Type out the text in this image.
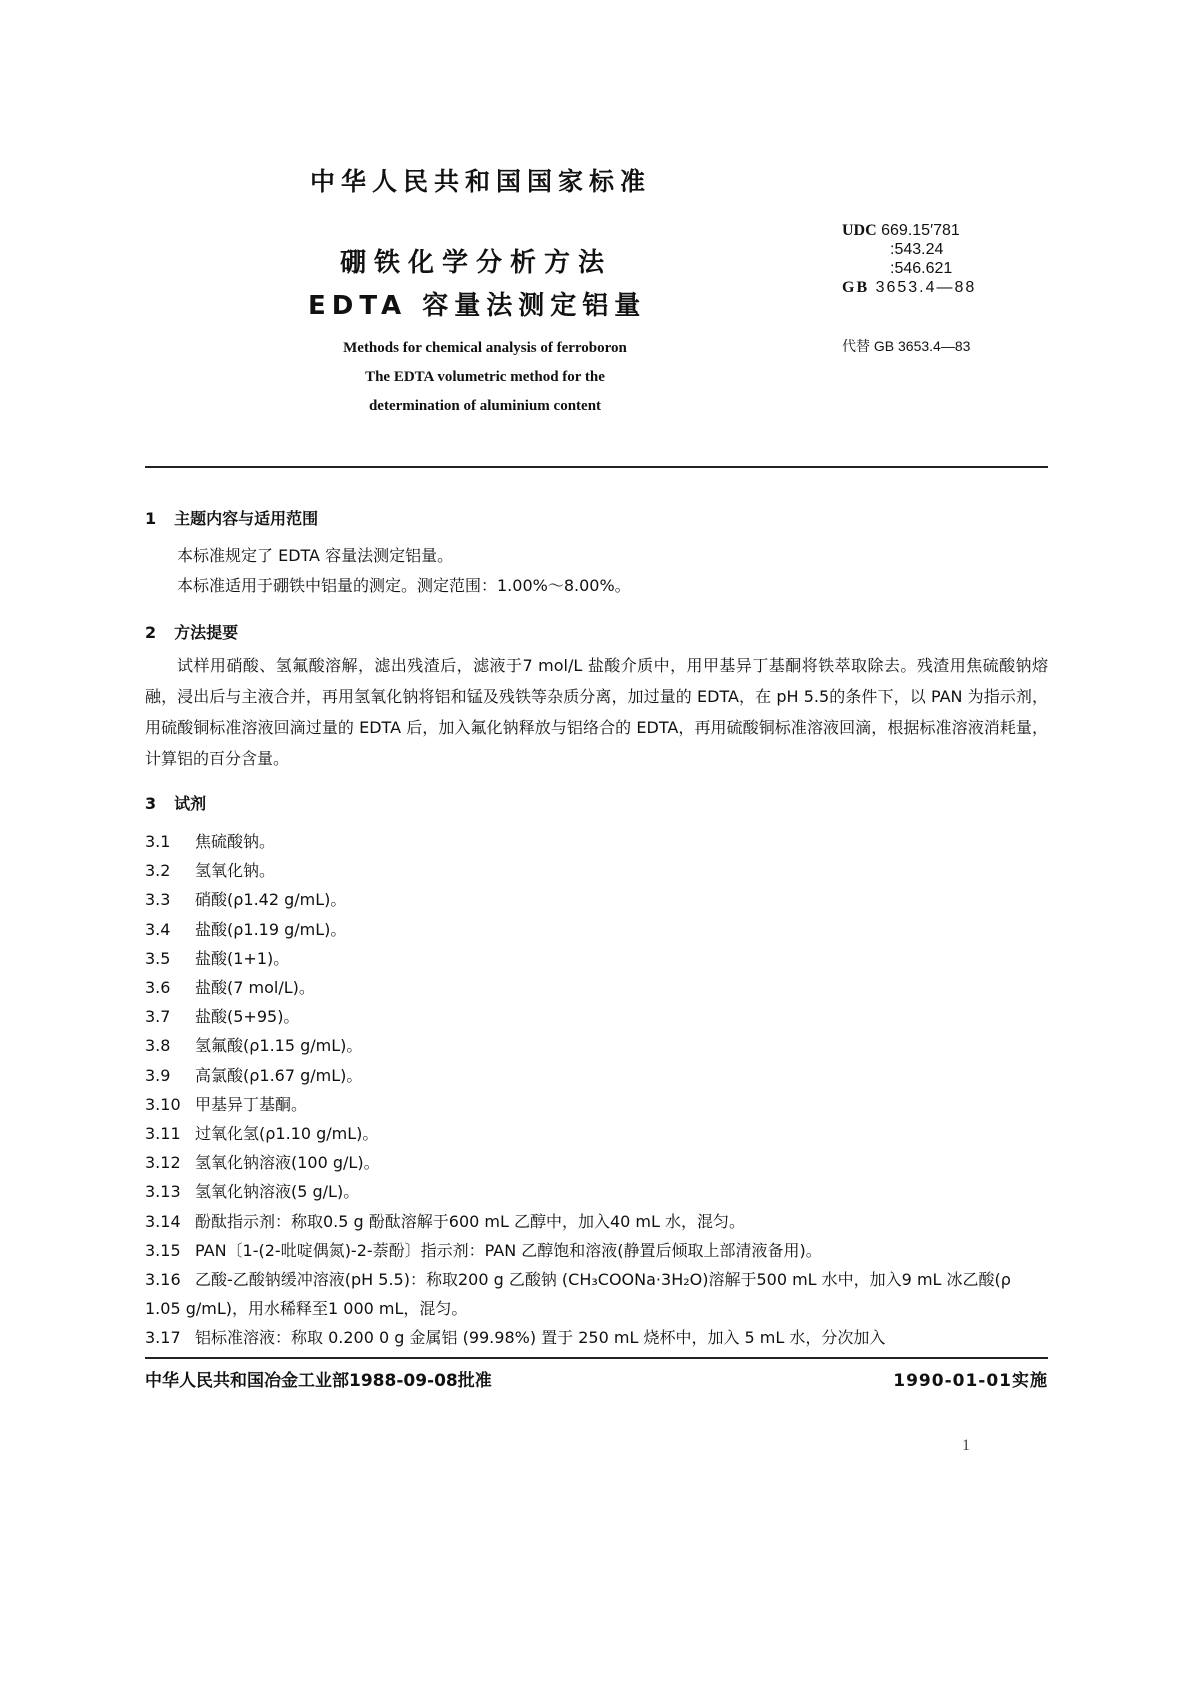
中华人民共和国国家标准
硼铁化学分析方法
EDTA 容量法测定铝量
Methods for chemical analysis of ferroboron
The EDTA volumetric method for the
determination of aluminium content
UDC 669.15′781
:543.24
:546.621
GB 3653.4—88
代替 GB 3653.4—83
1 主题内容与适用范围
本标准规定了 EDTA 容量法测定铝量。
本标准适用于硼铁中铝量的测定。测定范围：1.00%～8.00%。
2 方法提要
试样用硝酸、氢氟酸溶解，滤出残渣后，滤液于7 mol/L 盐酸介质中，用甲基异丁基酮将铁萃取除去。残渣用焦硫酸钠熔融，浸出后与主液合并，再用氢氧化钠将铝和锰及残铁等杂质分离，加过量的 EDTA，在 pH 5.5的条件下，以 PAN 为指示剂，用硫酸铜标准溶液回滴过量的 EDTA 后，加入氟化钠释放与铝络合的 EDTA，再用硫酸铜标准溶液回滴，根据标准溶液消耗量，计算铝的百分含量。
3 试剂
3.1	焦硫酸钠。
3.2	氢氧化钠。
3.3	硝酸(ρ1.42 g/mL)。
3.4	盐酸(ρ1.19 g/mL)。
3.5	盐酸(1+1)。
3.6	盐酸(7 mol/L)。
3.7	盐酸(5+95)。
3.8	氢氟酸(ρ1.15 g/mL)。
3.9	高氯酸(ρ1.67 g/mL)。
3.10 甲基异丁基酮。
3.11 过氧化氢(ρ1.10 g/mL)。
3.12 氢氧化钠溶液(100 g/L)。
3.13 氢氧化钠溶液(5 g/L)。
3.14 酚酞指示剂：称取0.5 g 酚酞溶解于600 mL 乙醇中，加入40 mL 水，混匀。
3.15 PAN〔1-(2-吡啶偶氮)-2-萘酚〕指示剂：PAN 乙醇饱和溶液(静置后倾取上部清液备用)。
3.16 乙酸-乙酸钠缓冲溶液(pH 5.5)：称取200 g 乙酸钠 (CH₃COONa·3H₂O)溶解于500 mL 水中，加入9 mL 冰乙酸(ρ 1.05 g/mL)，用水稀释至1 000 mL，混匀。
3.17 铝标准溶液：称取 0.200 0 g 金属铝 (99.98%) 置于 250 mL 烧杯中，加入 5 mL 水，分次加入
中华人民共和国冶金工业部1988-09-08批准	1990-01-01实施
1
